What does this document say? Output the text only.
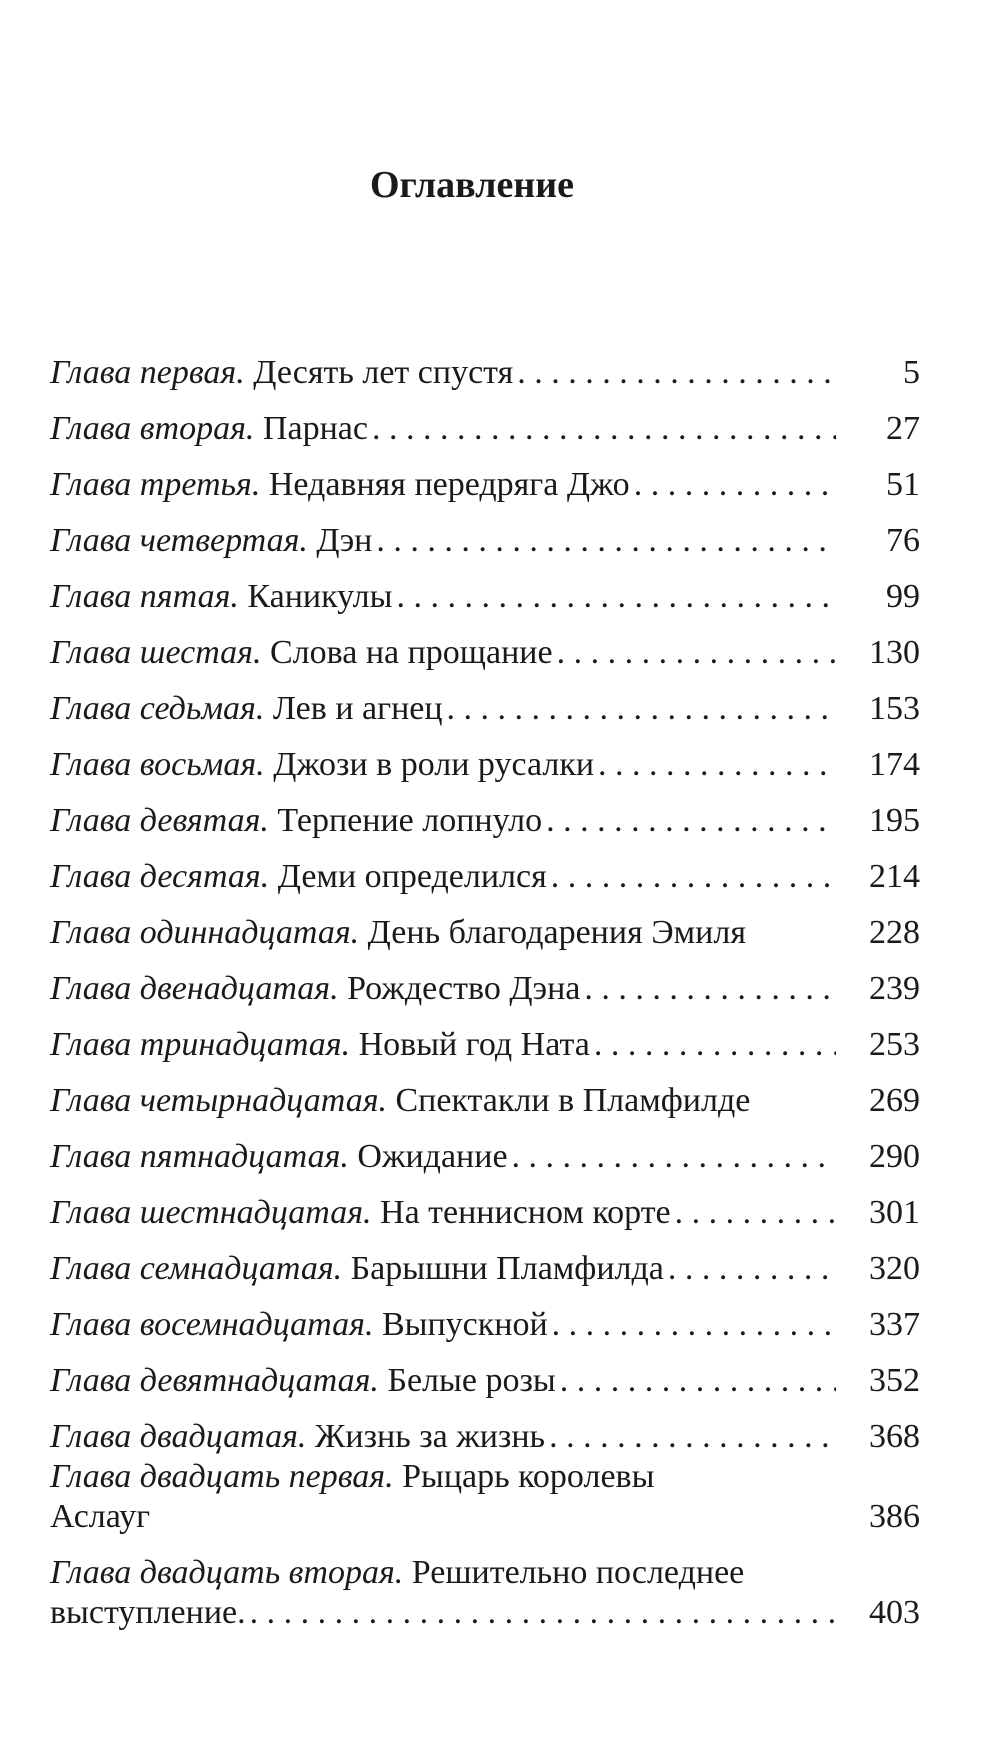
Оглавление
Глава первая. Десять лет спустя . . .	5
Глава вторая. Парнас . . .	27
Глава третья. Недавняя передряга Джо . . .	51
Глава четвертая. Дэн . . .	76
Глава пятая. Каникулы . . .	99
Глава шестая. Слова на прощание . . .	130
Глава седьмая. Лев и агнец . . .	153
Глава восьмая. Джози в роли русалки . . .	174
Глава девятая. Терпение лопнуло . . .	195
Глава десятая. Деми определился . . .	214
Глава одиннадцатая. День благодарения Эмиля	228
Глава двенадцатая. Рождество Дэна . . .	239
Глава тринадцатая. Новый год Ната . . .	253
Глава четырнадцатая. Спектакли в Пламфилде	269
Глава пятнадцатая. Ожидание . . .	290
Глава шестнадцатая. На теннисном корте . . .	301
Глава семнадцатая. Барышни Пламфилда . . .	320
Глава восемнадцатая. Выпускной . . .	337
Глава девятнадцатая. Белые розы . . .	352
Глава двадцатая. Жизнь за жизнь . . .	368
Глава двадцать первая. Рыцарь королевы
Аслауг	386
Глава двадцать вторая. Решительно последнее
выступление. . . .	403
